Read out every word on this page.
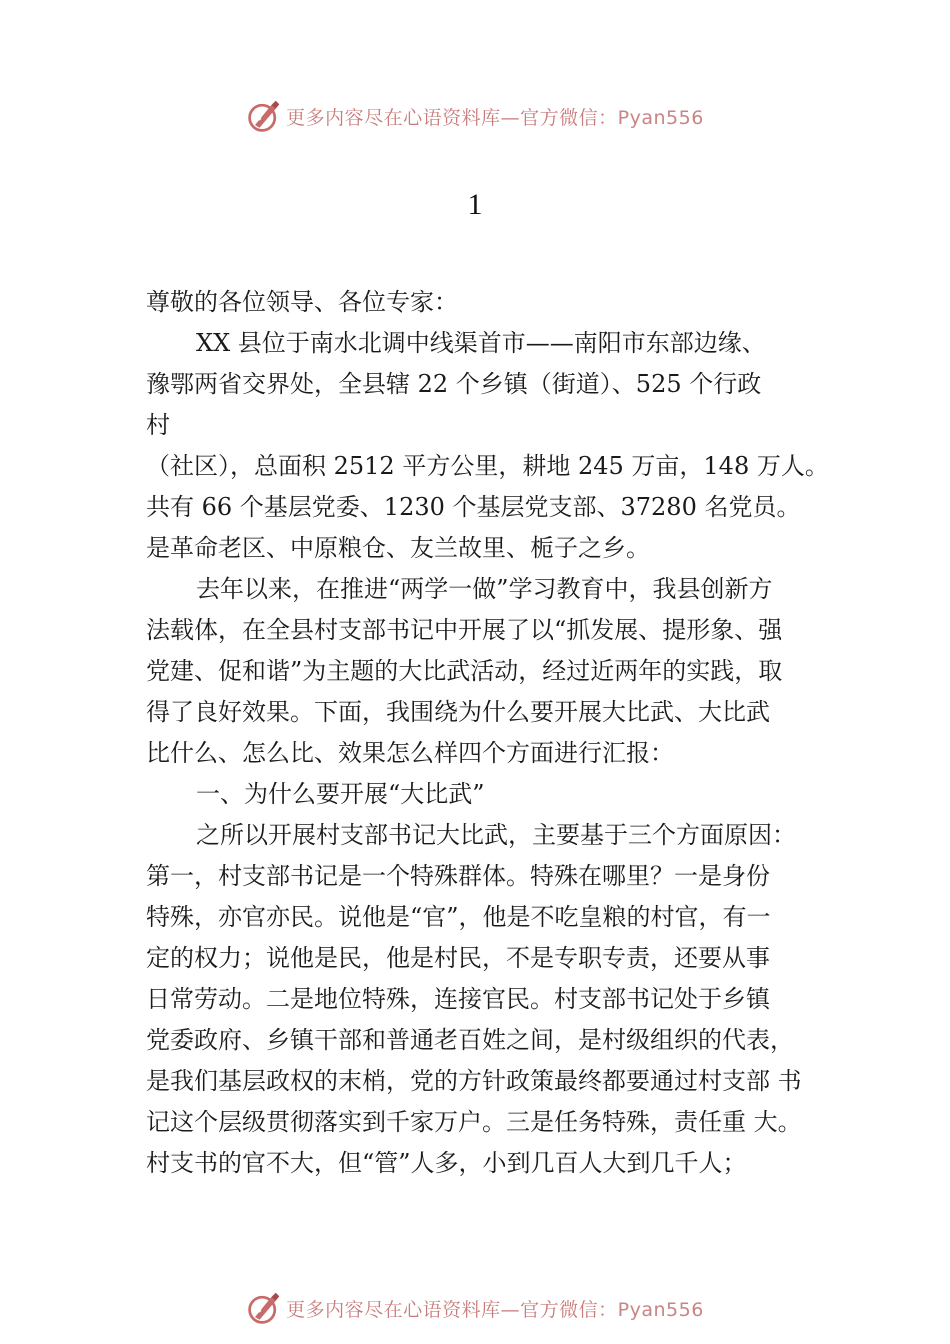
更多内容尽在心语资料库—官方微信：Pyan556
1
尊敬的各位领导、各位专家：
XX 县位于南水北调中线渠首市——南阳市东部边缘、
豫鄂两省交界处，全县辖 22 个乡镇（街道）、525 个行政
村
（社区），总面积 2512 平方公里，耕地 245 万亩，148 万人。
共有 66 个基层党委、1230 个基层党支部、37280 名党员。
是革命老区、中原粮仓、友兰故里、栀子之乡。
去年以来，在推进“两学一做”学习教育中，我县创新方
法载体，在全县村支部书记中开展了以“抓发展、提形象、强
党建、促和谐”为主题的大比武活动，经过近两年的实践，取
得了良好效果。下面，我围绕为什么要开展大比武、大比武
比什么、怎么比、效果怎么样四个方面进行汇报：
一、为什么要开展“大比武”
之所以开展村支部书记大比武，主要基于三个方面原因：
第一，村支部书记是一个特殊群体。特殊在哪里？一是身份
特殊，亦官亦民。说他是“官”，他是不吃皇粮的村官，有一
定的权力；说他是民，他是村民，不是专职专责，还要从事
日常劳动。二是地位特殊，连接官民。村支部书记处于乡镇
党委政府、乡镇干部和普通老百姓之间，是村级组织的代表，
是我们基层政权的末梢，党的方针政策最终都要通过村支部 书
记这个层级贯彻落实到千家万户。三是任务特殊，责任重 大。
村支书的官不大，但“管”人多，小到几百人大到几千人；
更多内容尽在心语资料库—官方微信：Pyan556
